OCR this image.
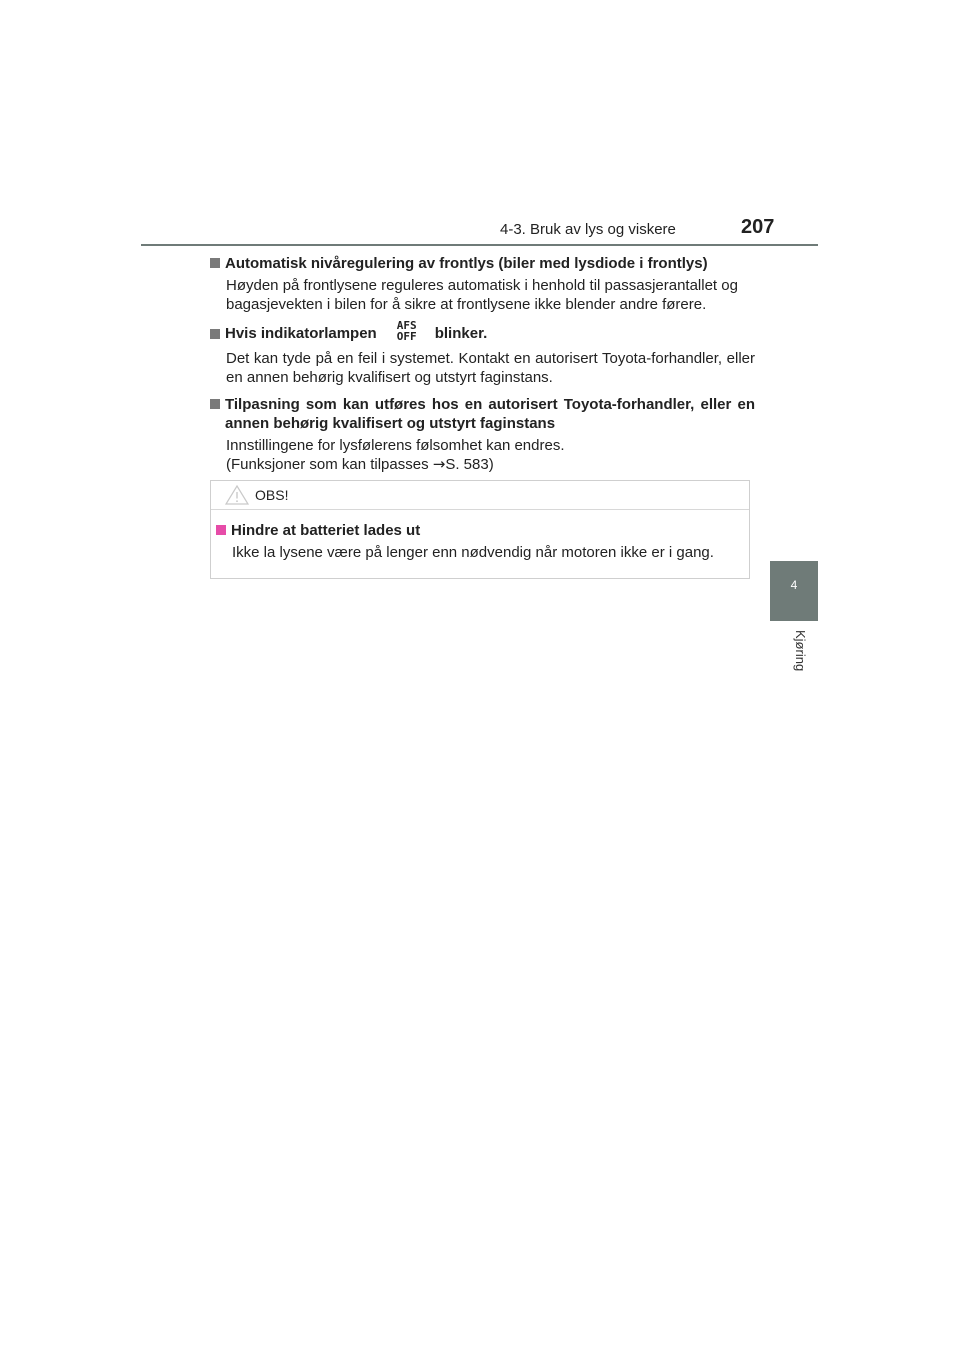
4-3. Bruk av lys og viskere	207
4
Kjøring
Automatisk nivåregulering av frontlys (biler med lysdiode i frontlys)
Høyden på frontlysene reguleres automatisk i henhold til passasjerantallet og bagasjevekten i bilen for å sikre at frontlysene ikke blender andre førere.
Hvis indikatorlampen	AFS
OFF	blinker.
Det kan tyde på en feil i systemet. Kontakt en autorisert Toyota-forhandler, eller en annen behørig kvalifisert og utstyrt faginstans.
Tilpasning som kan utføres hos en autorisert Toyota-forhandler, eller en annen behørig kvalifisert og utstyrt faginstans
Innstillingene for lysfølerens følsomhet kan endres.
(Funksjoner som kan tilpasses →S. 583)
OBS!
Hindre at batteriet lades ut
Ikke la lysene være på lenger enn nødvendig når motoren ikke er i gang.
